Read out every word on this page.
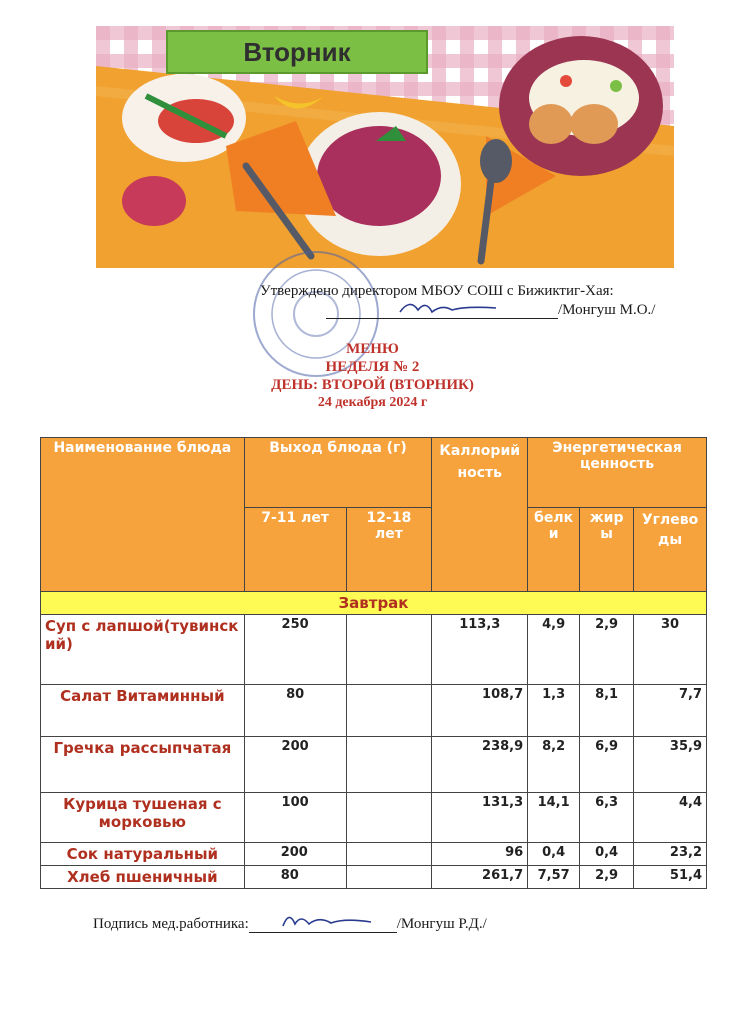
Вторник
Утверждено директором МБОУ СОШ с Бижиктиг-Хая:
/Монгуш М.О./
МЕНЮ
НЕДЕЛЯ № 2
ДЕНЬ: ВТОРОЙ (ВТОРНИК)
24 декабря 2024 г
Наименование блюда	Выход блюда (г)		Каллорийность	Энергетическая ценность		
	7-11 лет	12-18 лет		белки	жиры	Углеводы
Завтрак						
Суп с лапшой(тувинский)	250		113,3	4,9	2,9	30
Салат Витаминный	80		108,7	1,3	8,1	7,7
Гречка рассыпчатая	200		238,9	8,2	6,9	35,9
Курица тушеная с морковью	100		131,3	14,1	6,3	4,4
Сок натуральный	200		96	0,4	0,4	23,2
Хлеб пшеничный	80		261,7	7,57	2,9	51,4
Подпись мед.работника:	/Монгуш Р.Д./
